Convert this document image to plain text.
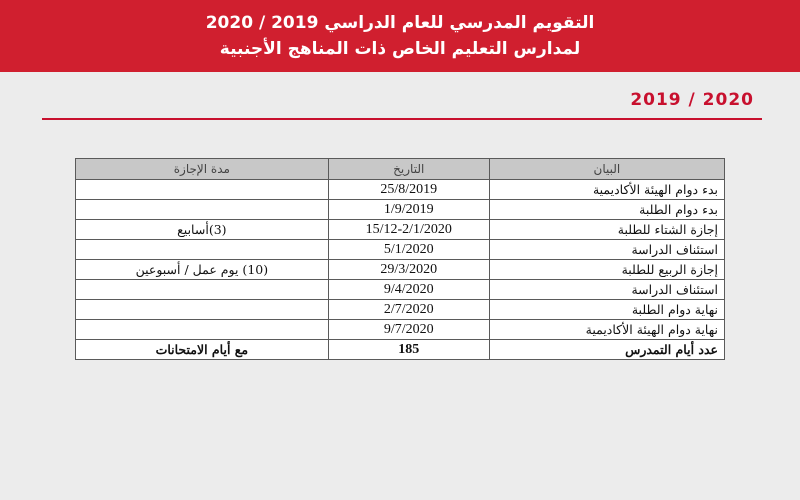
التقويم المدرسي للعام الدراسي 2019 / 2020
لمدارس التعليم الخاص ذات المناهج الأجنبية
2019 / 2020
البيان	التاريخ	مدة الإجازة
بدء دوام الهيئة الأكاديمية	25/8/2019	
بدء دوام الطلبة	1/9/2019	
إجازة الشتاء للطلبة	15/12-2/1/2020	(3)أسابيع
استئناف الدراسة	5/1/2020	
إجازة الربيع للطلبة	29/3/2020	(10) يوم عمل / أسبوعين
استئناف الدراسة	9/4/2020	
نهاية دوام الطلبة	2/7/2020	
نهاية دوام الهيئة الأكاديمية	9/7/2020	
عدد أيام التمدرس	185	مع أيام الامتحانات
